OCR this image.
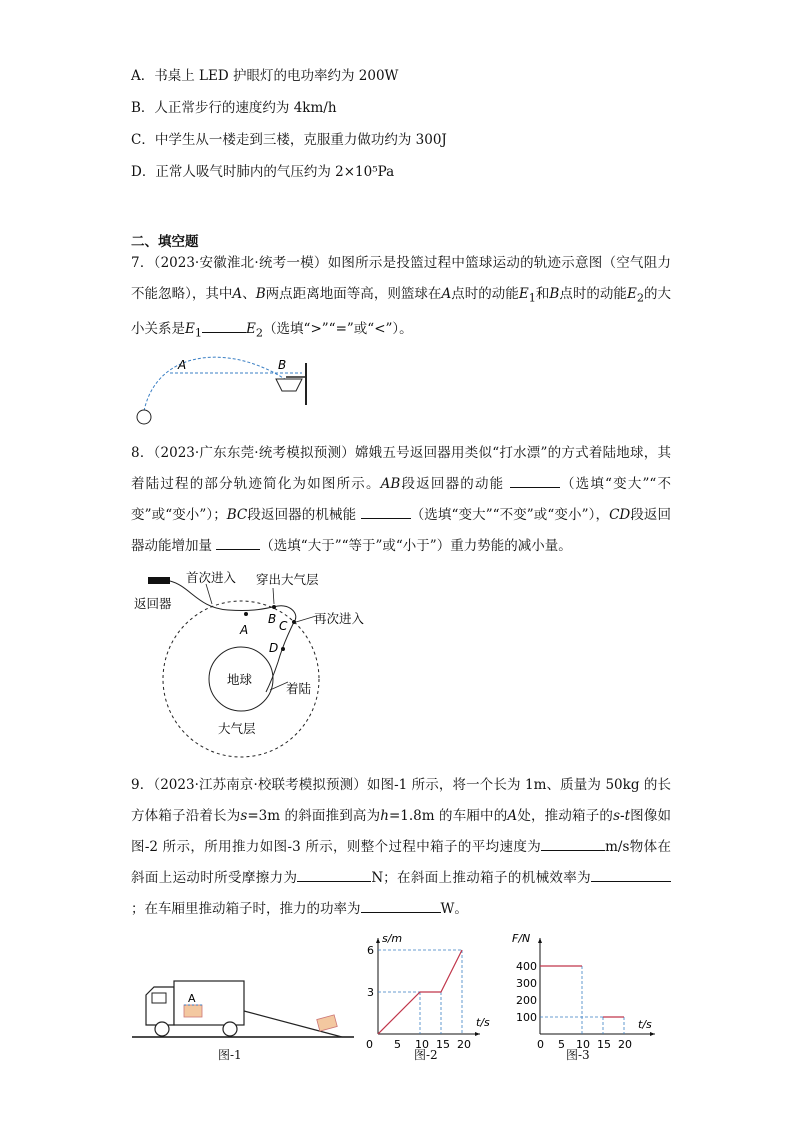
A．书桌上 LED 护眼灯的电功率约为 200W
B．人正常步行的速度约为 4km/h
C．中学生从一楼走到三楼，克服重力做功约为 300J
D．正常人吸气时肺内的气压约为 2×10⁵Pa
二、填空题
7．（2023·安徽淮北·统考一模）如图所示是投篮过程中篮球运动的轨迹示意图（空气阻力不能忽略），其中A、B两点距离地面等高，则篮球在A点时的动能$E_1$和B点时的动能$E_2$的大小关系是$E_1$	$E_2$（选填“>”“=”或“<”）。
A	B
8．（2023·广东东莞·统考模拟预测）嫦娥五号返回器用类似“打水漂”的方式着陆地球，其着陆过程的部分轨迹简化为如图所示。AB段返回器的动能	（选填“变大”“不变”或“变小”）；BC段返回器的机械能	（选填“变大”“不变”或“变小”），CD段返回器动能增加量	（选填“大于”“等于”或“小于”）重力势能的减小量。
首次进入 穿出大气层
返回器
再次进入
着陆
地球
大气层
A
B C
D
9．（2023·江苏南京·校联考模拟预测）如图-1 所示，将一个长为 1m、质量为 50kg 的长方体箱子沿着长为s=3m 的斜面推到高为h=1.8m 的车厢中的A处，推动箱子的s-t图像如图-2 所示，所用推力如图-3 所示，则整个过程中箱子的平均速度为	m/s物体在斜面上运动时所受摩擦力为	N；在斜面上推动箱子的机械效率为；在车厢里推动箱子时，推力的功率为	W。
A
图-1
s/m
t/s
0 5 10 15 20
3
6
图-2
F/N
t/s
0 5 10 15 20
100
200
300
400
图-3
